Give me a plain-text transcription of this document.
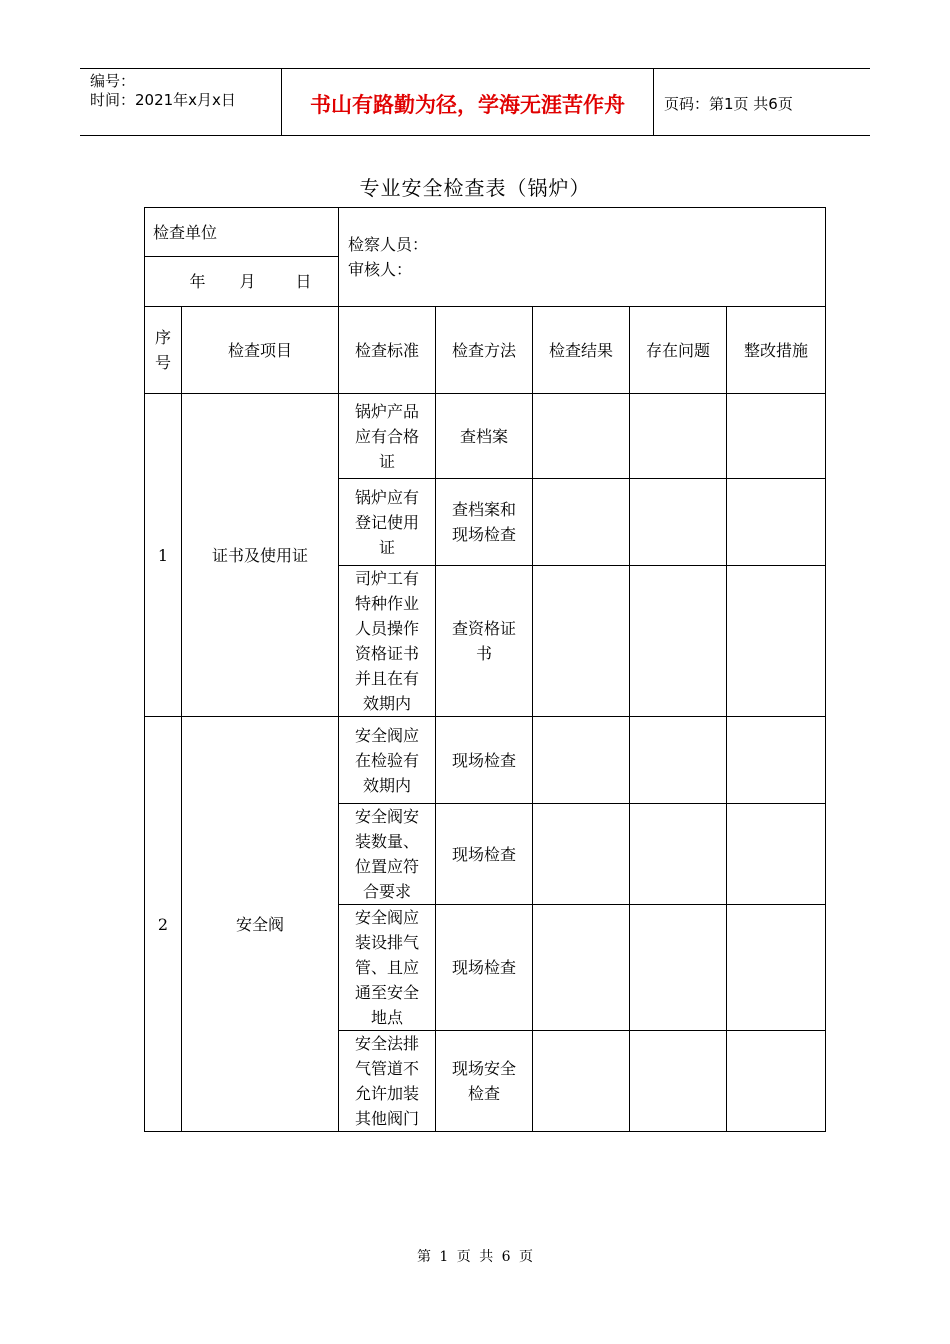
编号：
时间：2021年x月x日	书山有路勤为径，学海无涯苦作舟	页码：第1页 共6页
专业安全检查表（锅炉）
检查单位		检察人员：
审核人：				

年 月 日						
序号	检查项目	检查标准	检查方法	检查结果	存在问题	整改措施
1	证书及使用证	锅炉产品应有合格证	查档案			
		锅炉应有登记使用证	查档案和现场检查			
		司炉工有特种作业人员操作资格证书并且在有效期内	查资格证书			
2	安全阀	安全阀应在检验有效期内	现场检查			
		安全阀安装数量、位置应符合要求	现场检查			
		安全阀应装设排气管、且应通至安全地点	现场检查			
		安全法排气管道不允许加装其他阀门	现场安全检查			
第 1 页 共 6 页
